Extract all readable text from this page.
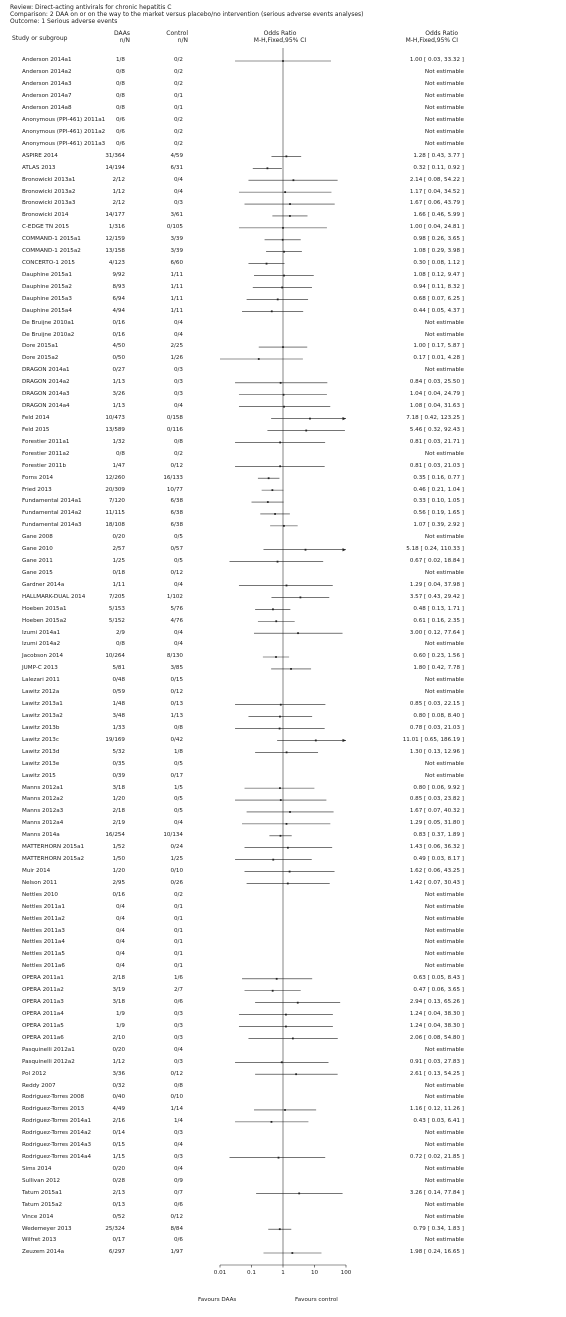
Review: Direct-acting antivirals for chronic hepatitis C
Comparison: 2 DAA on or on the way to the market versus placebo/no intervention (serious adverse events analyses)
Outcome: 1 Serious adverse events
Study or subgroup
DAAs
n/N
Control
n/N
Odds Ratio
M-H,Fixed,95% CI
Odds Ratio
M-H,Fixed,95% CI
Anderson 2014a1	1/8	0/2	1.00 [ 0.03, 33.32 ]
Anderson 2014a2	0/8	0/2	Not estimable
Anderson 2014a3	0/8	0/2	Not estimable
Anderson 2014a7	0/8	0/1	Not estimable
Anderson 2014a8	0/8	0/1	Not estimable
Anonymous (PPI-461) 2011a1	0/6	0/2	Not estimable
Anonymous (PPI-461) 2011a2	0/6	0/2	Not estimable
Anonymous (PPI-461) 2011a3	0/6	0/2	Not estimable
ASPIRE 2014	31/364	4/59	1.28 [ 0.43, 3.77 ]
ATLAS 2013	14/194	6/31	0.32 [ 0.11, 0.92 ]
Bronowicki 2013a1	2/12	0/4	2.14 [ 0.08, 54.22 ]
Bronowicki 2013a2	1/12	0/4	1.17 [ 0.04, 34.52 ]
Bronowicki 2013a3	2/12	0/3	1.67 [ 0.06, 43.79 ]
Bronowicki 2014	14/177	3/61	1.66 [ 0.46, 5.99 ]
C-EDGE TN 2015	1/316	0/105	1.00 [ 0.04, 24.81 ]
COMMAND-1 2015a1	12/159	3/39	0.98 [ 0.26, 3.65 ]
COMMAND-1 2015a2	13/158	3/39	1.08 [ 0.29, 3.98 ]
CONCERTO-1 2015	4/123	6/60	0.30 [ 0.08, 1.12 ]
Dauphine 2015a1	9/92	1/11	1.08 [ 0.12, 9.47 ]
Dauphine 2015a2	8/93	1/11	0.94 [ 0.11, 8.32 ]
Dauphine 2015a3	6/94	1/11	0.68 [ 0.07, 6.25 ]
Dauphine 2015a4	4/94	1/11	0.44 [ 0.05, 4.37 ]
De Bruijne 2010a1	0/16	0/4	Not estimable
De Bruijne 2010a2	0/16	0/4	Not estimable
Dore 2015a1	4/50	2/25	1.00 [ 0.17, 5.87 ]
Dore 2015a2	0/50	1/26	0.17 [ 0.01, 4.28 ]
DRAGON 2014a1	0/27	0/3	Not estimable
DRAGON 2014a2	1/13	0/3	0.84 [ 0.03, 25.50 ]
DRAGON 2014a3	3/26	0/3	1.04 [ 0.04, 24.79 ]
DRAGON 2014a4	1/13	0/4	1.08 [ 0.04, 31.63 ]
Feld 2014	10/473	0/158	7.18 [ 0.42, 123.25 ]
Feld 2015	13/589	0/116	5.46 [ 0.32, 92.43 ]
Forestier 2011a1	1/32	0/8	0.81 [ 0.03, 21.71 ]
Forestier 2011a2	0/8	0/2	Not estimable
Forestier 2011b	1/47	0/12	0.81 [ 0.03, 21.03 ]
Forns 2014	12/260	16/133	0.35 [ 0.16, 0.77 ]
Fried 2013	20/309	10/77	0.46 [ 0.21, 1.04 ]
Fundamental 2014a1	7/120	6/38	0.33 [ 0.10, 1.05 ]
Fundamental 2014a2	11/115	6/38	0.56 [ 0.19, 1.65 ]
Fundamental 2014a3	18/108	6/38	1.07 [ 0.39, 2.92 ]
Gane 2008	0/20	0/5	Not estimable
Gane 2010	2/57	0/57	5.18 [ 0.24, 110.33 ]
Gane 2011	1/25	0/5	0.67 [ 0.02, 18.84 ]
Gane 2015	0/18	0/12	Not estimable
Gardner 2014a	1/11	0/4	1.29 [ 0.04, 37.98 ]
HALLMARK-DUAL 2014	7/205	1/102	3.57 [ 0.43, 29.42 ]
Hoeben 2015a1	5/153	5/76	0.48 [ 0.13, 1.71 ]
Hoeben 2015a2	5/152	4/76	0.61 [ 0.16, 2.35 ]
Izumi 2014a1	2/9	0/4	3.00 [ 0.12, 77.64 ]
Izumi 2014a2	0/8	0/4	Not estimable
Jacobson 2014	10/264	8/130	0.60 [ 0.23, 1.56 ]
JUMP-C 2013	5/81	3/85	1.80 [ 0.42, 7.78 ]
Lalezari 2011	0/48	0/15	Not estimable
Lawitz 2012a	0/59	0/12	Not estimable
Lawitz 2013a1	1/48	0/13	0.85 [ 0.03, 22.15 ]
Lawitz 2013a2	3/48	1/13	0.80 [ 0.08, 8.40 ]
Lawitz 2013b	1/33	0/8	0.78 [ 0.03, 21.03 ]
Lawitz 2013c	19/169	0/42	11.01 [ 0.65, 186.19 ]
Lawitz 2013d	5/32	1/8	1.30 [ 0.13, 12.96 ]
Lawitz 2013e	0/35	0/5	Not estimable
Lawitz 2015	0/39	0/17	Not estimable
Manns 2012a1	3/18	1/5	0.80 [ 0.06, 9.92 ]
Manns 2012a2	1/20	0/5	0.85 [ 0.03, 23.82 ]
Manns 2012a3	2/18	0/5	1.67 [ 0.07, 40.32 ]
Manns 2012a4	2/19	0/4	1.29 [ 0.05, 31.80 ]
Manns 2014a	16/254	10/134	0.83 [ 0.37, 1.89 ]
MATTERHORN 2015a1	1/52	0/24	1.43 [ 0.06, 36.32 ]
MATTERHORN 2015a2	1/50	1/25	0.49 [ 0.03, 8.17 ]
Muir 2014	1/20	0/10	1.62 [ 0.06, 43.25 ]
Nelson 2011	2/95	0/26	1.42 [ 0.07, 30.43 ]
Nettles 2010	0/16	0/2	Not estimable
Nettles 2011a1	0/4	0/1	Not estimable
Nettles 2011a2	0/4	0/1	Not estimable
Nettles 2011a3	0/4	0/1	Not estimable
Nettles 2011a4	0/4	0/1	Not estimable
Nettles 2011a5	0/4	0/1	Not estimable
Nettles 2011a6	0/4	0/1	Not estimable
OPERA 2011a1	2/18	1/6	0.63 [ 0.05, 8.43 ]
OPERA 2011a2	3/19	2/7	0.47 [ 0.06, 3.65 ]
OPERA 2011a3	3/18	0/6	2.94 [ 0.13, 65.26 ]
OPERA 2011a4	1/9	0/3	1.24 [ 0.04, 38.30 ]
OPERA 2011a5	1/9	0/3	1.24 [ 0.04, 38.30 ]
OPERA 2011a6	2/10	0/3	2.06 [ 0.08, 54.80 ]
Pasquinelli 2012a1	0/20	0/4	Not estimable
Pasquinelli 2012a2	1/12	0/3	0.91 [ 0.03, 27.83 ]
Pol 2012	3/36	0/12	2.61 [ 0.13, 54.25 ]
Reddy 2007	0/32	0/8	Not estimable
Rodriguez-Torres 2008	0/40	0/10	Not estimable
Rodriguez-Torres 2013	4/49	1/14	1.16 [ 0.12, 11.26 ]
Rodriguez-Torres 2014a1	2/16	1/4	0.43 [ 0.03, 6.41 ]
Rodriguez-Torres 2014a2	0/14	0/3	Not estimable
Rodriguez-Torres 2014a3	0/15	0/4	Not estimable
Rodriguez-Torres 2014a4	1/15	0/3	0.72 [ 0.02, 21.85 ]
Sims 2014	0/20	0/4	Not estimable
Sullivan 2012	0/28	0/9	Not estimable
Tatum 2015a1	2/13	0/7	3.26 [ 0.14, 77.84 ]
Tatum 2015a2	0/13	0/6	Not estimable
Vince 2014	0/52	0/12	Not estimable
Wedemeyer 2013	25/324	8/84	0.79 [ 0.34, 1.83 ]
Wilfret 2013	0/17	0/6	Not estimable
Zeuzem 2014a	6/297	1/97	1.98 [ 0.24, 16.65 ]
0.01	0.1	1	10	100
Favours DAAs	Favours control
